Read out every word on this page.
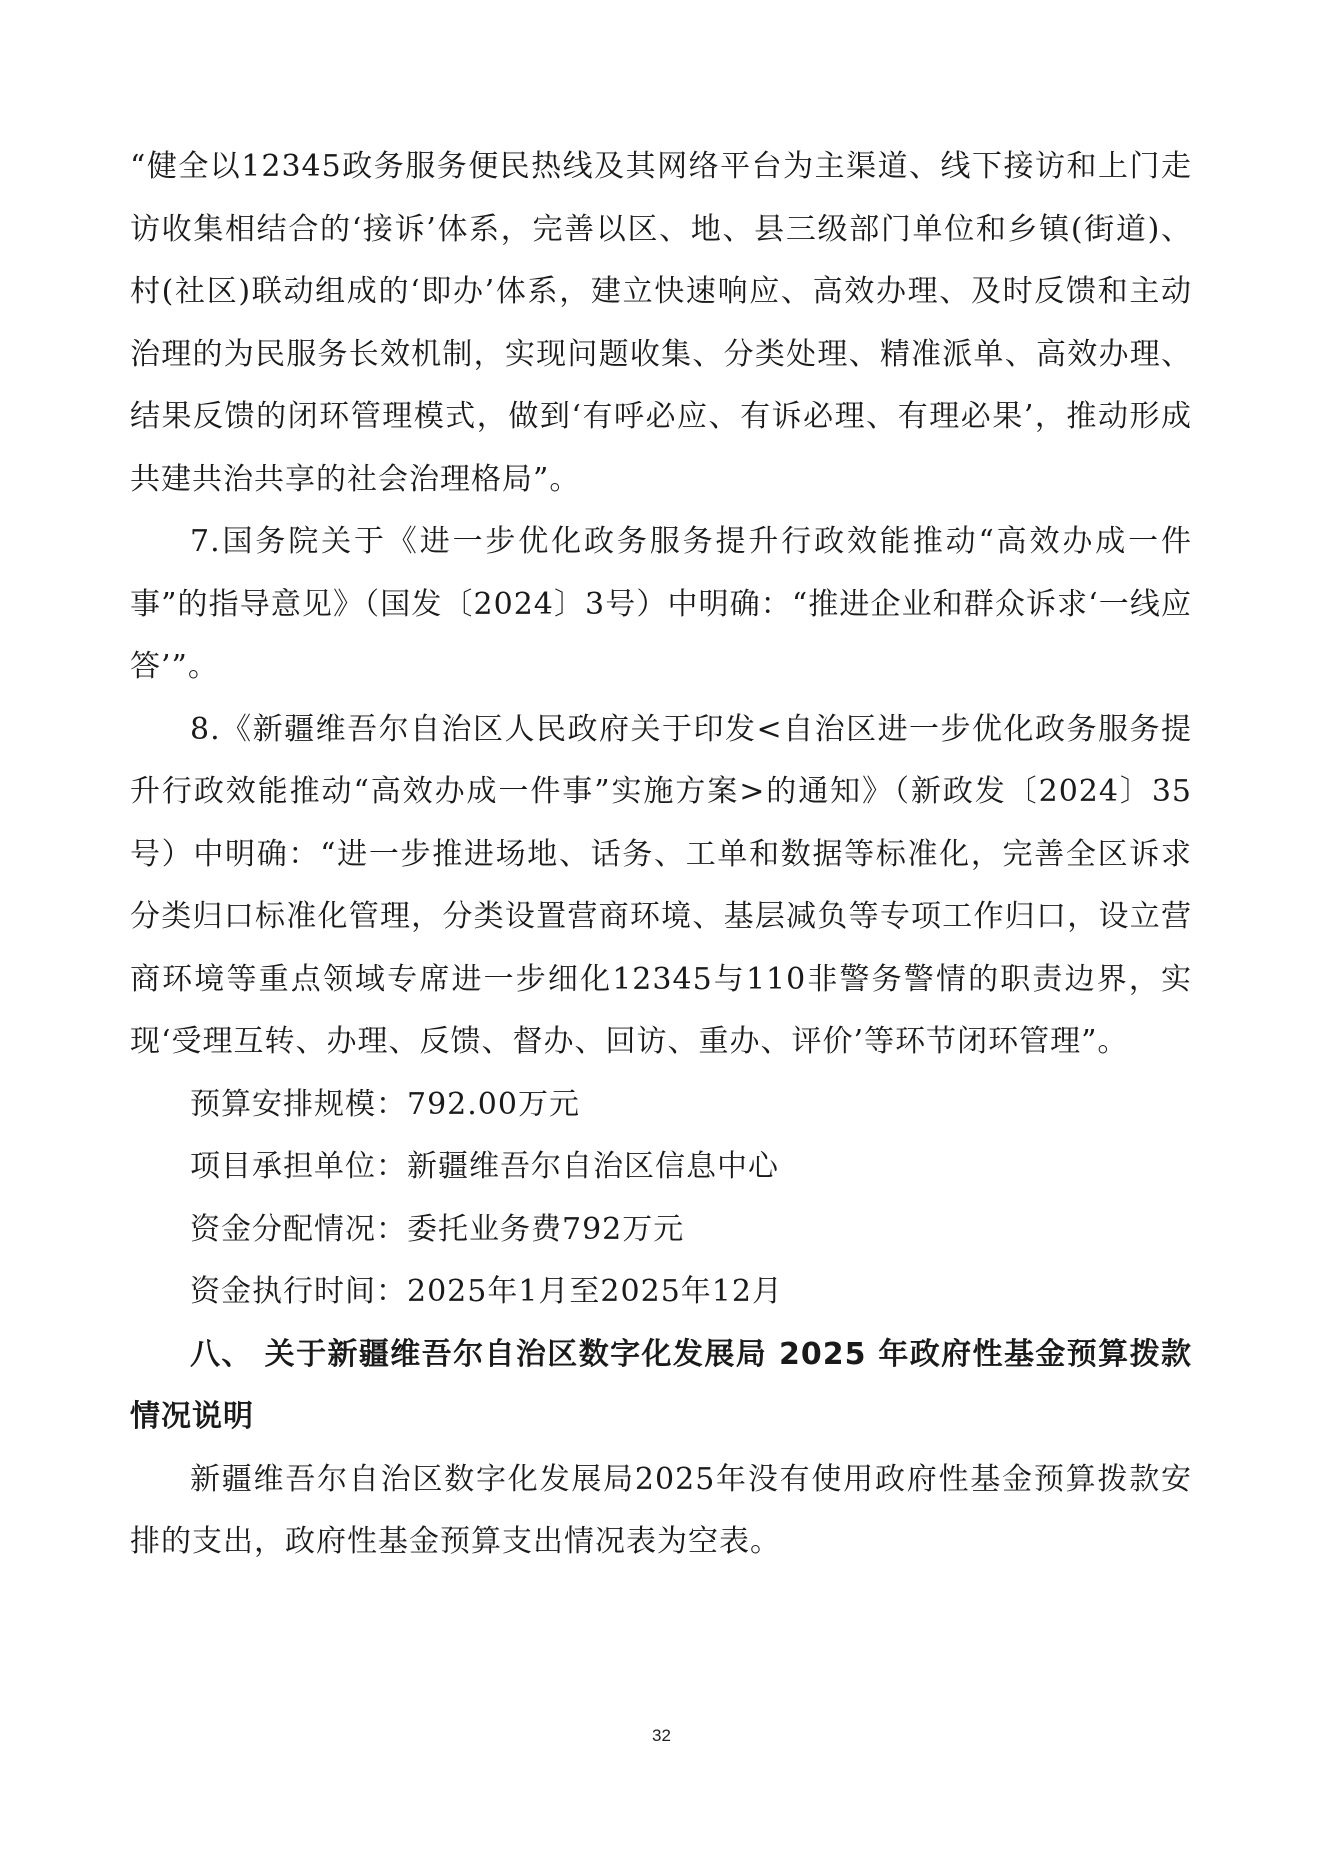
“健全以12345政务服务便民热线及其网络平台为主渠道、线下接访和上门走访收集相结合的‘接诉’体系，完善以区、地、县三级部门单位和乡镇(街道)、村(社区)联动组成的‘即办’体系，建立快速响应、高效办理、及时反馈和主动治理的为民服务长效机制，实现问题收集、分类处理、精准派单、高效办理、结果反馈的闭环管理模式，做到‘有呼必应、有诉必理、有理必果’，推动形成共建共治共享的社会治理格局”。

7.国务院关于《进一步优化政务服务提升行政效能推动“高效办成一件事”的指导意见》（国发〔2024〕3号）中明确：“推进企业和群众诉求‘一线应答’”。

8.《新疆维吾尔自治区人民政府关于印发<自治区进一步优化政务服务提升行政效能推动“高效办成一件事”实施方案>的通知》（新政发〔2024〕35号）中明确：“进一步推进场地、话务、工单和数据等标准化，完善全区诉求分类归口标准化管理，分类设置营商环境、基层减负等专项工作归口，设立营商环境等重点领域专席进一步细化12345与110非警务警情的职责边界，实现‘受理互转、办理、反馈、督办、回访、重办、评价’等环节闭环管理”。

预算安排规模：792.00万元

项目承担单位：新疆维吾尔自治区信息中心

资金分配情况：委托业务费792万元

资金执行时间：2025年1月至2025年12月

八、 关于新疆维吾尔自治区数字化发展局 2025 年政府性基金预算拨款情况说明

新疆维吾尔自治区数字化发展局2025年没有使用政府性基金预算拨款安排的支出，政府性基金预算支出情况表为空表。

32
